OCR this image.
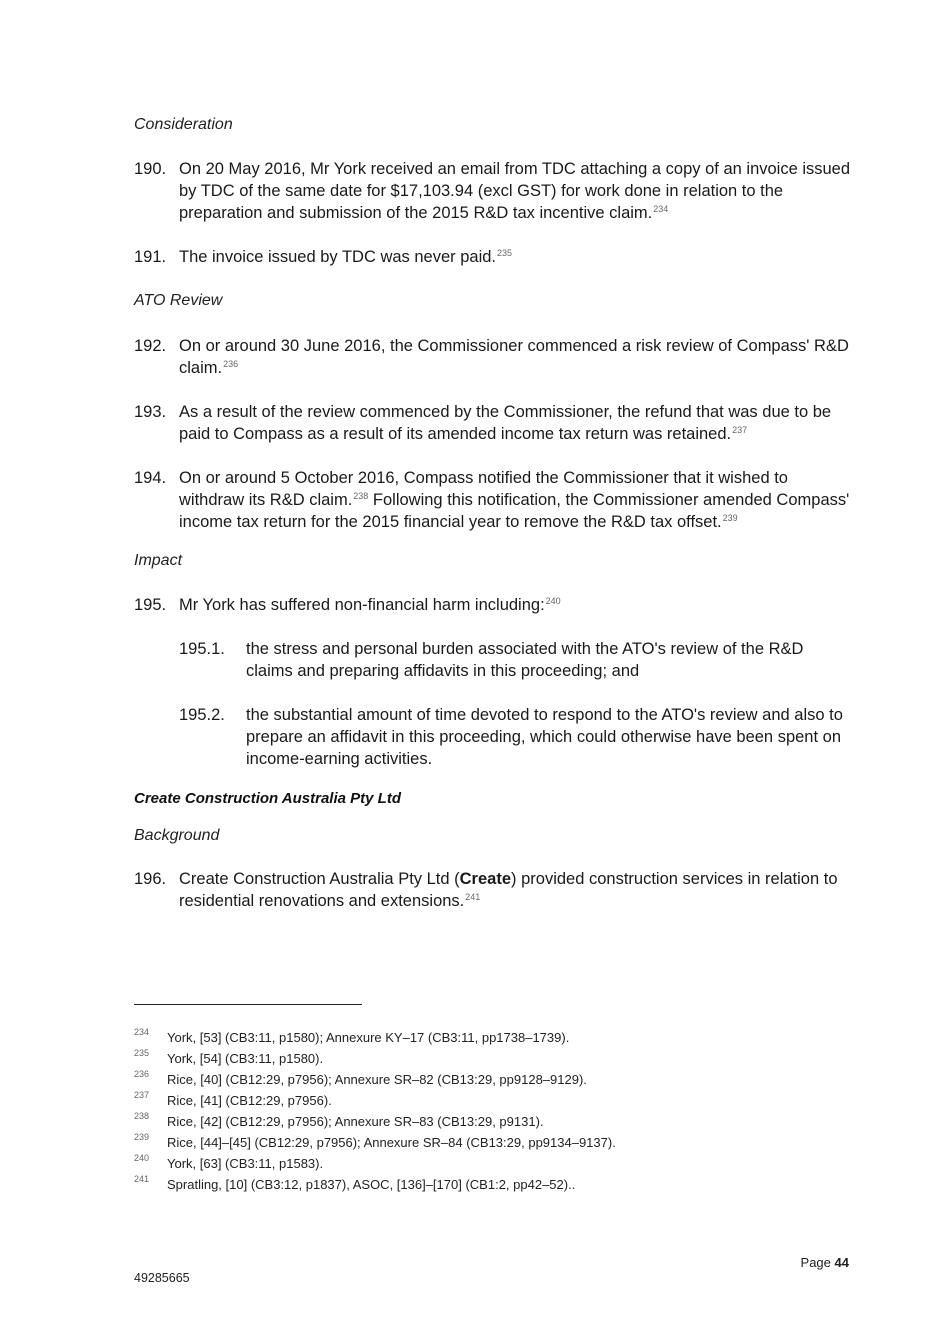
Consideration
190. On 20 May 2016, Mr York received an email from TDC attaching a copy of an invoice issued by TDC of the same date for $17,103.94 (excl GST) for work done in relation to the preparation and submission of the 2015 R&D tax incentive claim.$^{234}$
191. The invoice issued by TDC was never paid.$^{235}$
ATO Review
192. On or around 30 June 2016, the Commissioner commenced a risk review of Compass' R&D claim.$^{236}$
193. As a result of the review commenced by the Commissioner, the refund that was due to be paid to Compass as a result of its amended income tax return was retained.$^{237}$
194. On or around 5 October 2016, Compass notified the Commissioner that it wished to withdraw its R&D claim.$^{238}$ Following this notification, the Commissioner amended Compass' income tax return for the 2015 financial year to remove the R&D tax offset.$^{239}$
Impact
195. Mr York has suffered non-financial harm including:$^{240}$
195.1. the stress and personal burden associated with the ATO's review of the R&D claims and preparing affidavits in this proceeding; and
195.2. the substantial amount of time devoted to respond to the ATO's review and also to prepare an affidavit in this proceeding, which could otherwise have been spent on income-earning activities.
Create Construction Australia Pty Ltd
Background
196. Create Construction Australia Pty Ltd (Create) provided construction services in relation to residential renovations and extensions.$^{241}$
234 York, [53] (CB3:11, p1580); Annexure KY–17 (CB3:11, pp1738–1739).
235 York, [54] (CB3:11, p1580).
236 Rice, [40] (CB12:29, p7956); Annexure SR–82 (CB13:29, pp9128–9129).
237 Rice, [41] (CB12:29, p7956).
238 Rice, [42] (CB12:29, p7956); Annexure SR–83 (CB13:29, p9131).
239 Rice, [44]–[45] (CB12:29, p7956); Annexure SR–84 (CB13:29, pp9134–9137).
240 York, [63] (CB3:11, p1583).
241 Spratling, [10] (CB3:12, p1837), ASOC, [136]–[170] (CB1:2, pp42–52)..
Page 44
49285665
